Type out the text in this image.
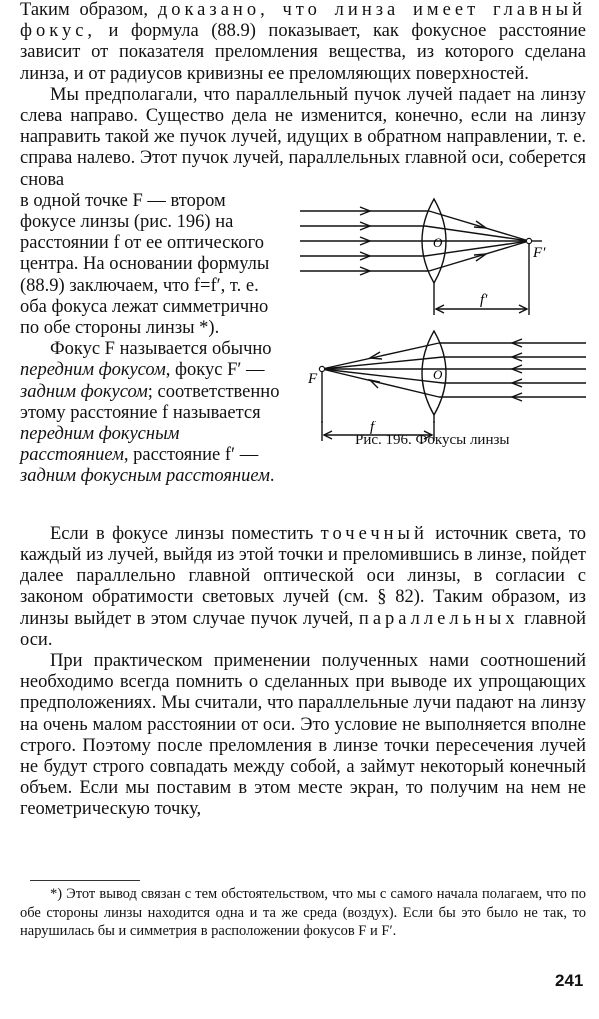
Таким образом, доказано, что линза имеет главный фокус, и формула (88.9) показывает, как фокусное расстояние зависит от показателя преломления вещества, из которого сделана линза, и от радиусов кривизны ее преломляющих поверхностей.

Мы предполагали, что параллельный пучок лучей падает на линзу слева направо. Существо дела не изменится, конечно, если на линзу направить такой же пучок лучей, идущих в обратном направлении, т. е. справа налево. Этот пучок лучей, параллельных главной оси, соберется снова

в одной точке F — втором фокусе линзы (рис. 196) на расстоянии f от ее оптического центра. На основании формулы (88.9) заключаем, что f=f′, т. е. оба фокуса лежат симметрично по обе стороны линзы *).

Фокус F называется обычно передним фокусом, фокус F′ — задним фокусом; соответственно этому расстояние f называется передним фокусным расстоянием, расстояние f′ — задним фокусным расстоянием.

O
F′
f′
O
F
f
Рис. 196. Фокусы линзы

Если в фокусе линзы поместить точечный источник света, то каждый из лучей, выйдя из этой точки и преломившись в линзе, пойдет далее параллельно главной оптической оси линзы, в согласии с законом обратимости световых лучей (см. § 82). Таким образом, из линзы выйдет в этом случае пучок лучей, параллельных главной оси.

При практическом применении полученных нами соотношений необходимо всегда помнить о сделанных при выводе их упрощающих предположениях. Мы считали, что параллельные лучи падают на линзу на очень малом расстоянии от оси. Это условие не выполняется вполне строго. Поэтому после преломления в линзе точки пересечения лучей не будут строго совпадать между собой, а займут некоторый конечный объем. Если мы поставим в этом месте экран, то получим на нем не геометрическую точку,

*) Этот вывод связан с тем обстоятельством, что мы с самого начала полагаем, что по обе стороны линзы находится одна и та же среда (воздух). Если бы это было не так, то нарушилась бы и симметрия в расположении фокусов F и F′.
241
